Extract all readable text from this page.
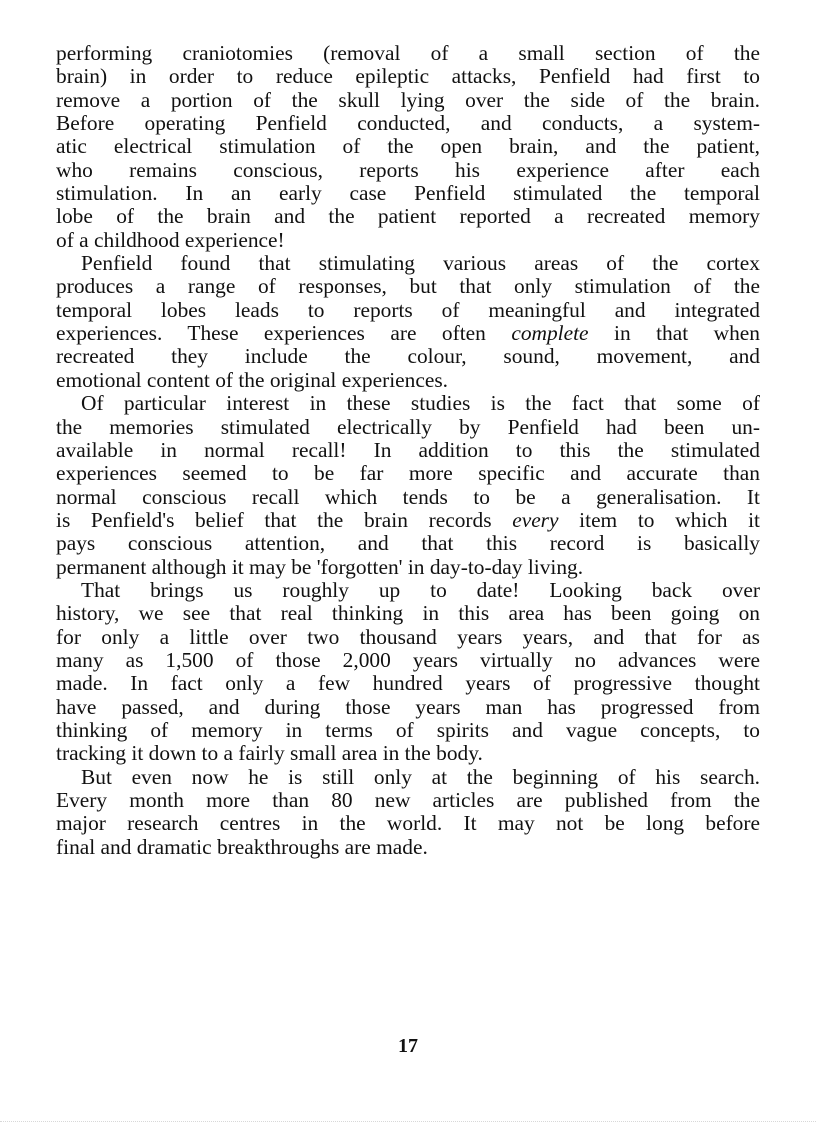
performing craniotomies (removal of a small section of the
brain) in order to reduce epileptic attacks, Penfield had first to
remove a portion of the skull lying over the side of the brain.
Before operating Penfield conducted, and conducts, a system-
atic electrical stimulation of the open brain, and the patient,
who remains conscious, reports his experience after each
stimulation. In an early case Penfield stimulated the temporal
lobe of the brain and the patient reported a recreated memory
of a childhood experience!
Penfield found that stimulating various areas of the cortex
produces a range of responses, but that only stimulation of the
temporal lobes leads to reports of meaningful and integrated
experiences. These experiences are often complete in that when
recreated they include the colour, sound, movement, and
emotional content of the original experiences.
Of particular interest in these studies is the fact that some of
the memories stimulated electrically by Penfield had been un-
available in normal recall! In addition to this the stimulated
experiences seemed to be far more specific and accurate than
normal conscious recall which tends to be a generalisation. It
is Penfield's belief that the brain records every item to which it
pays conscious attention, and that this record is basically
permanent although it may be 'forgotten' in day-to-day living.
That brings us roughly up to date! Looking back over
history, we see that real thinking in this area has been going on
for only a little over two thousand years years, and that for as
many as 1,500 of those 2,000 years virtually no advances were
made. In fact only a few hundred years of progressive thought
have passed, and during those years man has progressed from
thinking of memory in terms of spirits and vague concepts, to
tracking it down to a fairly small area in the body.
But even now he is still only at the beginning of his search.
Every month more than 80 new articles are published from the
major research centres in the world. It may not be long before
final and dramatic breakthroughs are made.
17
